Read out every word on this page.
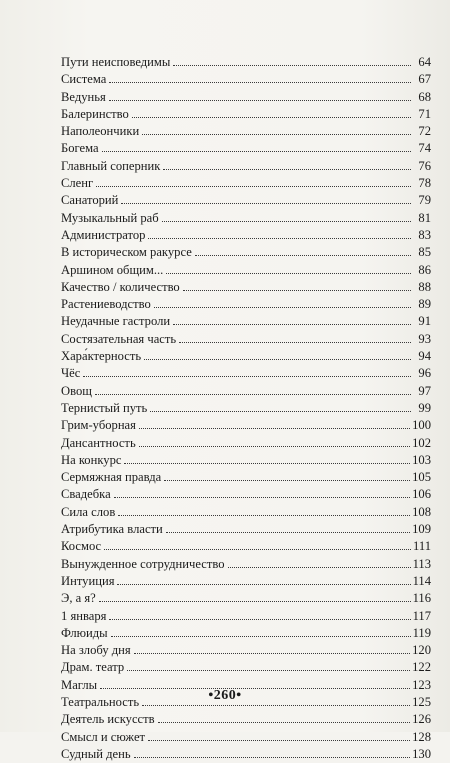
Пути неисповедимы	64
Система	67
Ведунья	68
Балеринство	71
Наполеончики	72
Богема	74
Главный соперник	76
Сленг	78
Санаторий	79
Музыкальный раб	81
Администратор	83
В историческом ракурсе	85
Аршином общим...	86
Качество / количество	88
Растениеводство	89
Неудачные гастроли	91
Состязательная часть	93
Хара́ктерность	94
Чёс	96
Овощ	97
Тернистый путь	99
Грим-уборная	100
Дансантность	102
На конкурс	103
Сермяжная правда	105
Свадебка	106
Сила слов	108
Атрибутика власти	109
Космос	111
Вынужденное сотрудничество	113
Интуиция	114
Э, а я?	116
1 января	117
Флюиды	119
На злобу дня	120
Драм. театр	122
Маглы	123
Театральность	125
Деятель искусств	126
Смысл и сюжет	128
Судный день	130
•260•
